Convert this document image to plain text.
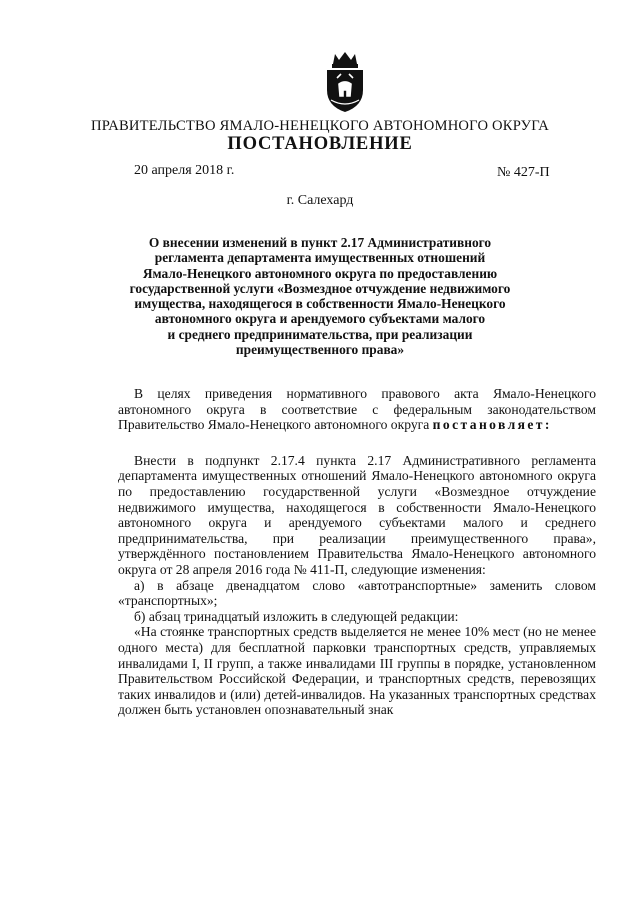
ПРАВИТЕЛЬСТВО ЯМАЛО-НЕНЕЦКОГО АВТОНОМНОГО ОКРУГА
ПОСТАНОВЛЕНИЕ
20 апреля 2018 г.	№ 427-П
г. Салехард
О внесении изменений в пункт 2.17 Административного
регламента департамента имущественных отношений
Ямало-Ненецкого автономного округа по предоставлению
государственной услуги «Возмездное отчуждение недвижимого
имущества, находящегося в собственности Ямало-Ненецкого
автономного округа и арендуемого субъектами малого
и среднего предпринимательства, при реализации
преимущественного права»

В целях приведения нормативного правового акта Ямало-Ненецкого автономного округа в соответствие с федеральным законодательством Правительство Ямало-Ненецкого автономного округа постановляет:

Внести в подпункт 2.17.4 пункта 2.17 Административного регламента департамента имущественных отношений Ямало-Ненецкого автономного округа по предоставлению государственной услуги «Возмездное отчуждение недвижимого имущества, находящегося в собственности Ямало-Ненецкого автономного округа и арендуемого субъектами малого и среднего предпринимательства, при реализации преимущественного права», утверждённого постановлением Правительства Ямало-Ненецкого автономного округа от 28 апреля 2016 года № 411-П, следующие изменения:

а) в абзаце двенадцатом слово «автотранспортные» заменить словом «транспортных»;

б) абзац тринадцатый изложить в следующей редакции:

«На стоянке транспортных средств выделяется не менее 10% мест (но не менее одного места) для бесплатной парковки транспортных средств, управляемых инвалидами I, II групп, а также инвалидами III группы в порядке, установленном Правительством Российской Федерации, и транспортных средств, перевозящих таких инвалидов и (или) детей-инвалидов. На указанных транспортных средствах должен быть установлен опознавательный знак
